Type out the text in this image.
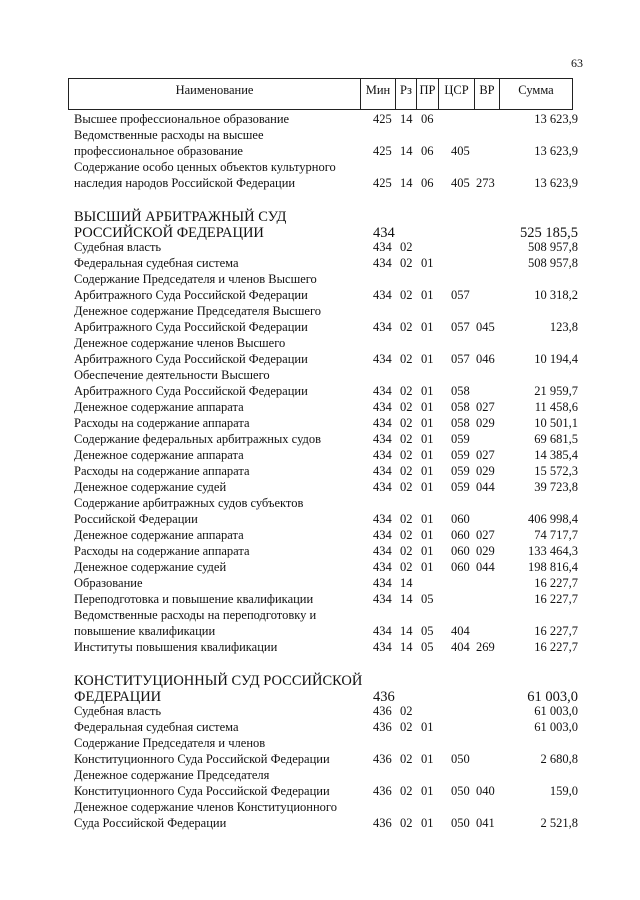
63
Наименование	Мин Рз ПР ЦСР ВР	Сумма
Высшее профессиональное образование	425 14 06	13 623,9
Ведомственные расходы на высшее
профессиональное образование	425 14 06 405	13 623,9
Содержание особо ценных объектов культурного
наследия народов Российской Федерации	425 14 06 405 273	13 623,9
ВЫСШИЙ АРБИТРАЖНЫЙ СУД
РОССИЙСКОЙ ФЕДЕРАЦИИ	434	525 185,5
Судебная власть	434 02	508 957,8
Федеральная судебная система	434 02 01	508 957,8
Содержание Председателя и членов Высшего
Арбитражного Суда Российской Федерации	434 02 01 057	10 318,2
Денежное содержание Председателя Высшего
Арбитражного Суда Российской Федерации	434 02 01 057 045	123,8
Денежное содержание членов Высшего
Арбитражного Суда Российской Федерации	434 02 01 057 046	10 194,4
Обеспечение деятельности Высшего
Арбитражного Суда Российской Федерации	434 02 01 058	21 959,7
Денежное содержание аппарата	434 02 01 058 027	11 458,6
Расходы на содержание аппарата	434 02 01 058 029	10 501,1
Содержание федеральных арбитражных судов	434 02 01 059	69 681,5
Денежное содержание аппарата	434 02 01 059 027	14 385,4
Расходы на содержание аппарата	434 02 01 059 029	15 572,3
Денежное содержание судей	434 02 01 059 044	39 723,8
Содержание арбитражных судов субъектов
Российской Федерации	434 02 01 060	406 998,4
Денежное содержание аппарата	434 02 01 060 027	74 717,7
Расходы на содержание аппарата	434 02 01 060 029	133 464,3
Денежное содержание судей	434 02 01 060 044	198 816,4
Образование	434 14	16 227,7
Переподготовка и повышение квалификации	434 14 05	16 227,7
Ведомственные расходы на переподготовку и
повышение квалификации	434 14 05 404	16 227,7
Институты повышения квалификации	434 14 05 404 269	16 227,7
КОНСТИТУЦИОННЫЙ СУД РОССИЙСКОЙ
ФЕДЕРАЦИИ	436	61 003,0
Судебная власть	436 02	61 003,0
Федеральная судебная система	436 02 01	61 003,0
Содержание Председателя и членов
Конституционного Суда Российской Федерации	436 02 01 050	2 680,8
Денежное содержание Председателя
Конституционного Суда Российской Федерации	436 02 01 050 040	159,0
Денежное содержание членов Конституционного
Суда Российской Федерации	436 02 01 050 041	2 521,8
